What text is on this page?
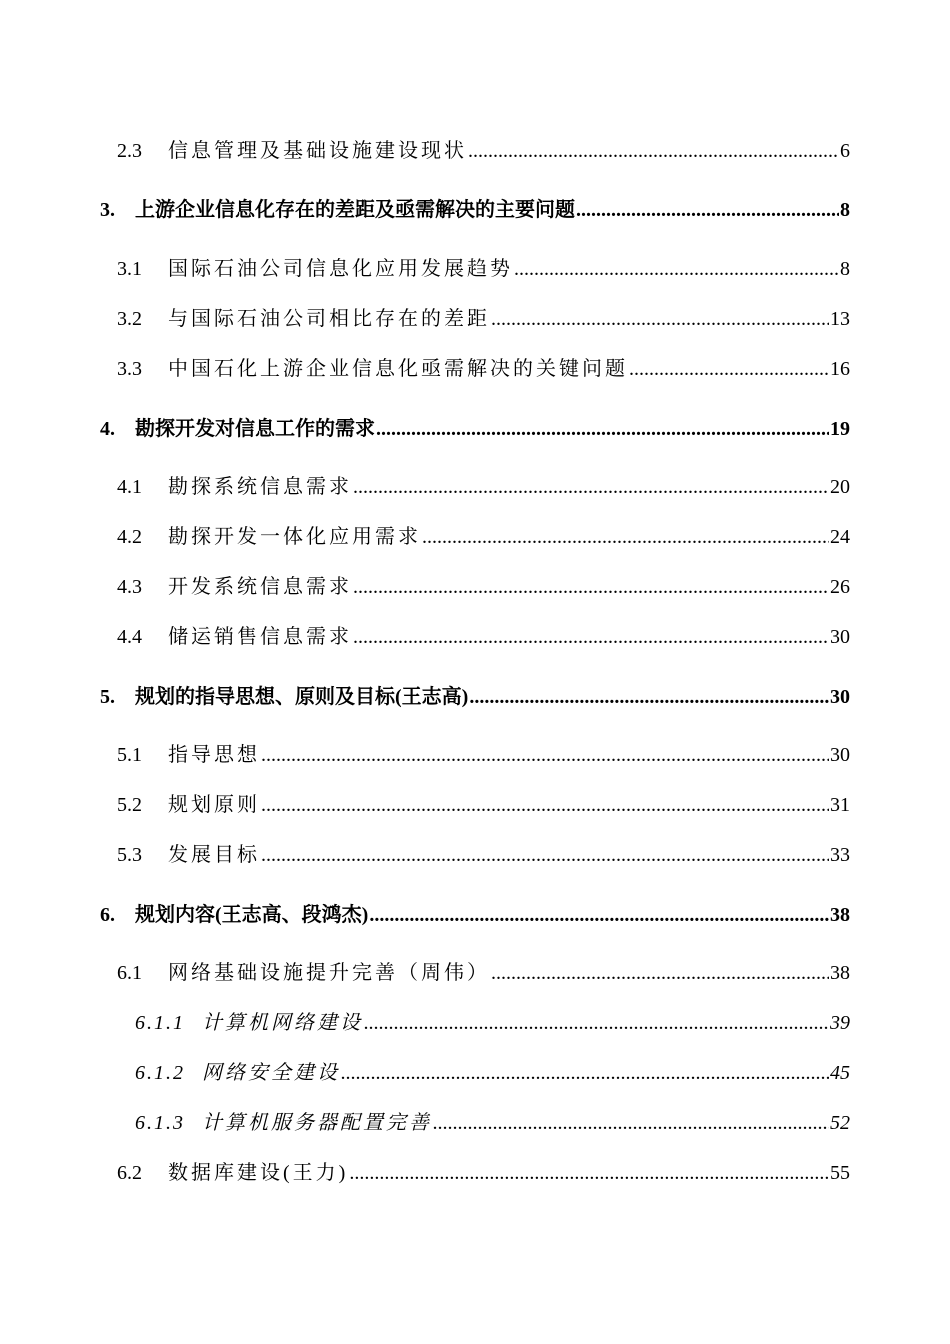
2.3	信息管理及基础设施建设现状 .....	6
3.	上游企业信息化存在的差距及亟需解决的主要问题 .....	8
3.1	国际石油公司信息化应用发展趋势 .....	8
3.2	与国际石油公司相比存在的差距 .....	13
3.3	中国石化上游企业信息化亟需解决的关键问题 .....	16
4.	勘探开发对信息工作的需求 .....	19
4.1	勘探系统信息需求 .....	20
4.2	勘探开发一体化应用需求 .....	24
4.3	开发系统信息需求 .....	26
4.4	储运销售信息需求 .....	30
5.	规划的指导思想、原则及目标(王志高) .....	30
5.1	指导思想 .....	30
5.2	规划原则 .....	31
5.3	发展目标 .....	33
6.	规划内容(王志高、段鸿杰) .....	38
6.1	网络基础设施提升完善（周伟） .....	38
6.1.1 计算机网络建设 .....	39
6.1.2 网络安全建设 .....	45
6.1.3 计算机服务器配置完善 .....	52
6.2	数据库建设(王力) .....	55
